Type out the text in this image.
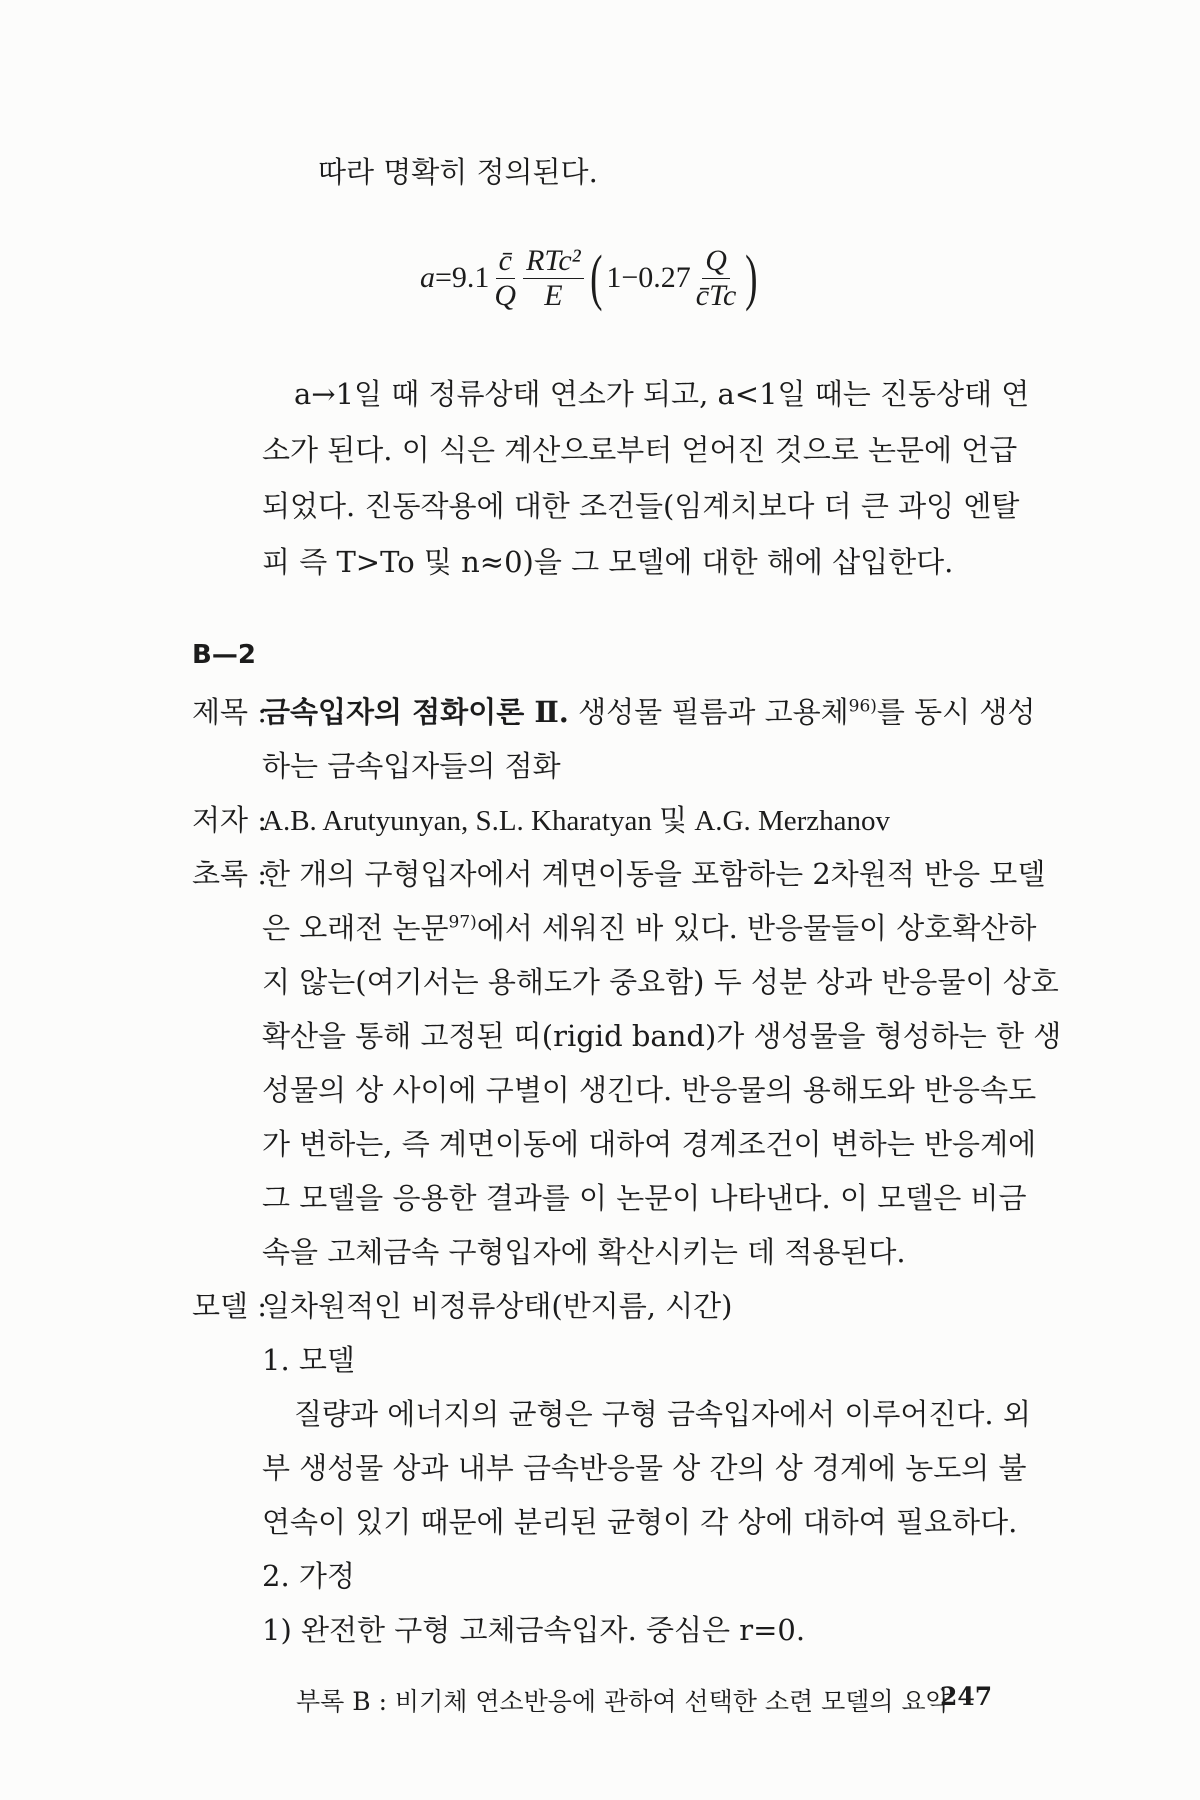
따라 명확히 정의된다.
$a =9.1 \frac{c̄}{Q} \frac{\text{RTc²}}{E}$ ( $1-0.27 \frac{Q}{c̄Tc}$ )
a→1일 때 정류상태 연소가 되고, a<1일 때는 진동상태 연
소가 된다. 이 식은 계산으로부터 얻어진 것으로 논문에 언급
되었다. 진동작용에 대한 조건들(임계치보다 더 큰 과잉 엔탈
피 즉 T>To 및 n≈0)을 그 모델에 대한 해에 삽입한다.
B—2
제목 :
금속입자의 점화이론 Ⅱ. 생성물 필름과 고용체$^{96)}$를 동시 생성
하는 금속입자들의 점화
저자 :
A.B. Arutyunyan, S.L. Kharatyan 및 A.G. Merzhanov
초록 :
한 개의 구형입자에서 계면이동을 포함하는 2차원적 반응 모델
은 오래전 논문$^{97)}$에서 세워진 바 있다. 반응물들이 상호확산하
지 않는(여기서는 용해도가 중요함) 두 성분 상과 반응물이 상호
확산을 통해 고정된 띠(rigid band)가 생성물을 형성하는 한 생
성물의 상 사이에 구별이 생긴다. 반응물의 용해도와 반응속도
가 변하는, 즉 계면이동에 대하여 경계조건이 변하는 반응계에
그 모델을 응용한 결과를 이 논문이 나타낸다. 이 모델은 비금
속을 고체금속 구형입자에 확산시키는 데 적용된다.
모델 :
일차원적인 비정류상태(반지름, 시간)
1. 모델
질량과 에너지의 균형은 구형 금속입자에서 이루어진다. 외
부 생성물 상과 내부 금속반응물 상 간의 상 경계에 농도의 불
연속이 있기 때문에 분리된 균형이 각 상에 대하여 필요하다.
2. 가정
1) 완전한 구형 고체금속입자. 중심은 r=0.
부록 B : 비기체 연소반응에 관하여 선택한 소련 모델의 요약
247
